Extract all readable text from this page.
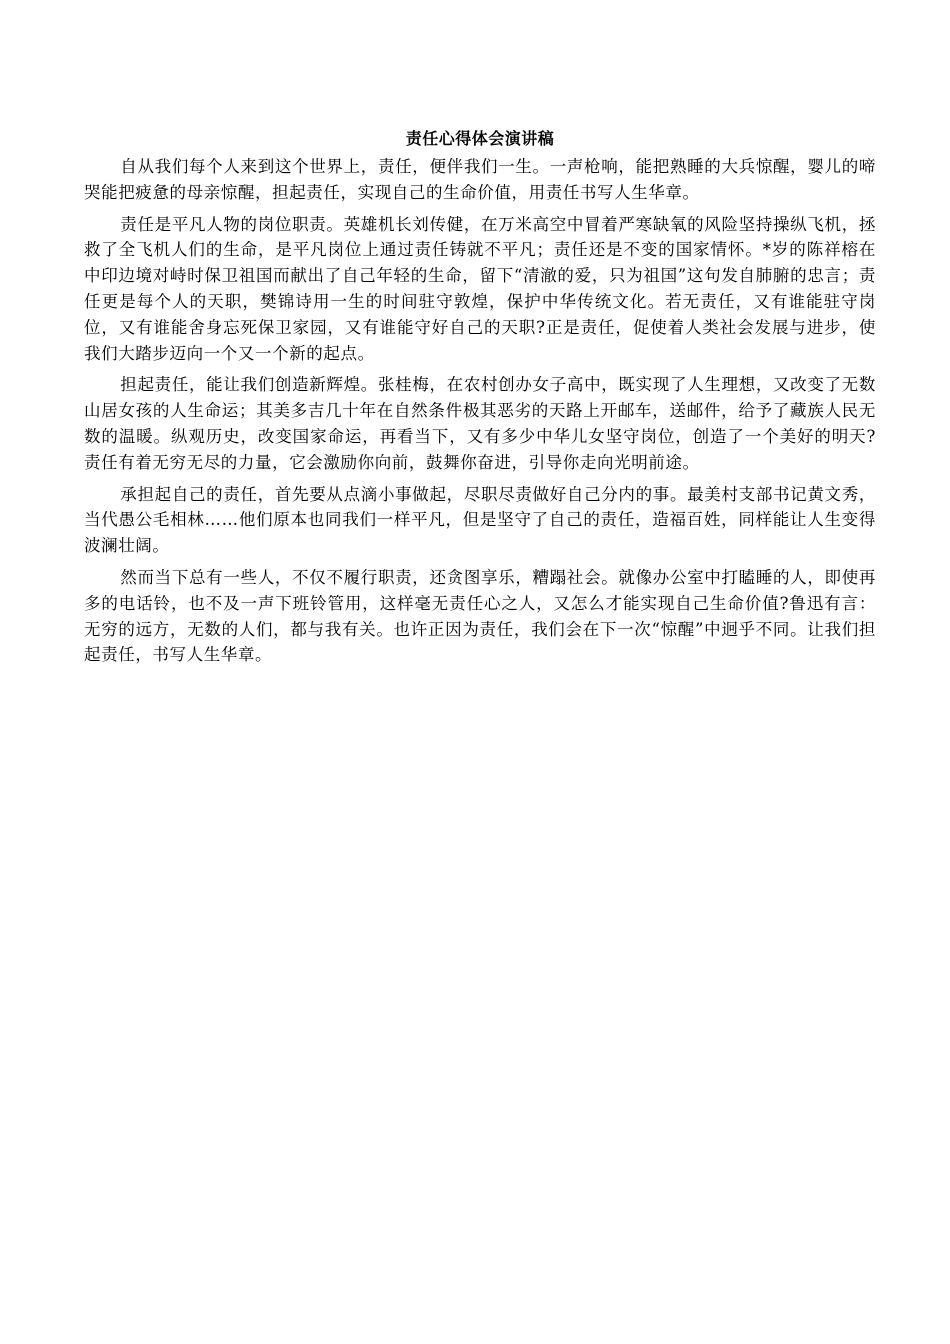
责任心得体会演讲稿

自从我们每个人来到这个世界上，责任，便伴我们一生。一声枪响，能把熟睡的大兵惊醒，婴儿的啼哭能把疲惫的母亲惊醒，担起责任，实现自己的生命价值，用责任书写人生华章。

责任是平凡人物的岗位职责。英雄机长刘传健，在万米高空中冒着严寒缺氧的风险坚持操纵飞机，拯救了全飞机人们的生命，是平凡岗位上通过责任铸就不平凡；责任还是不变的国家情怀。*岁的陈祥榕在中印边境对峙时保卫祖国而献出了自己年轻的生命，留下“清澈的爱，只为祖国”这句发自肺腑的忠言；责任更是每个人的天职，樊锦诗用一生的时间驻守敦煌，保护中华传统文化。若无责任，又有谁能驻守岗位，又有谁能舍身忘死保卫家园，又有谁能守好自己的天职?正是责任，促使着人类社会发展与进步，使我们大踏步迈向一个又一个新的起点。

担起责任，能让我们创造新辉煌。张桂梅，在农村创办女子高中，既实现了人生理想，又改变了无数山居女孩的人生命运；其美多吉几十年在自然条件极其恶劣的天路上开邮车，送邮件，给予了藏族人民无数的温暖。纵观历史，改变国家命运，再看当下，又有多少中华儿女坚守岗位，创造了一个美好的明天?责任有着无穷无尽的力量，它会激励你向前，鼓舞你奋进，引导你走向光明前途。

承担起自己的责任，首先要从点滴小事做起，尽职尽责做好自己分内的事。最美村支部书记黄文秀，当代愚公毛相林……他们原本也同我们一样平凡，但是坚守了自己的责任，造福百姓，同样能让人生变得波澜壮阔。

然而当下总有一些人，不仅不履行职责，还贪图享乐，糟蹋社会。就像办公室中打瞌睡的人，即使再多的电话铃，也不及一声下班铃管用，这样毫无责任心之人，又怎么才能实现自己生命价值?鲁迅有言：无穷的远方，无数的人们，都与我有关。也许正因为责任，我们会在下一次“惊醒”中迥乎不同。让我们担起责任，书写人生华章。
